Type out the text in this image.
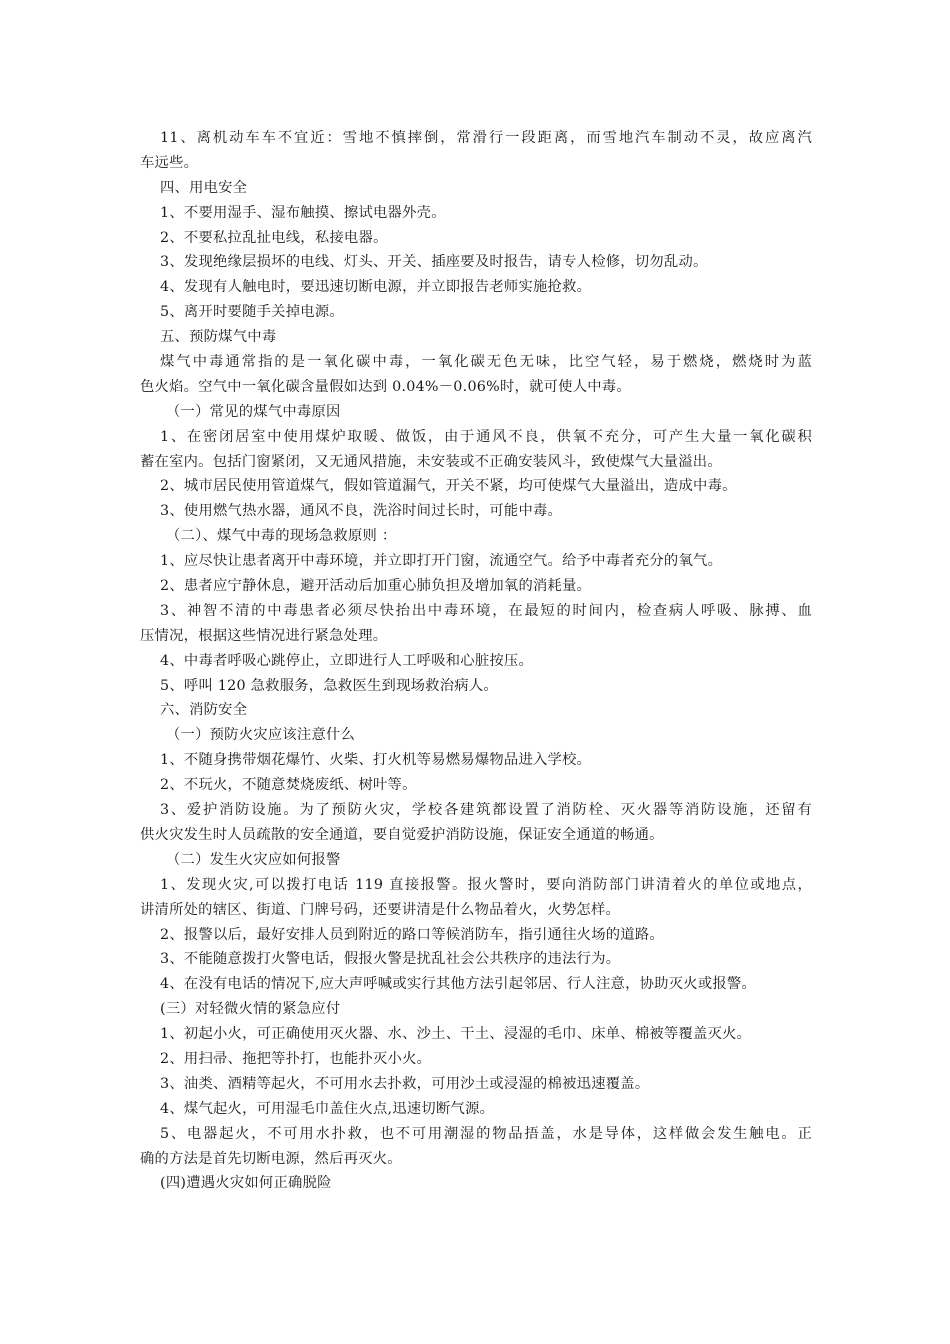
11、离机动车车不宜近：雪地不慎摔倒，常滑行一段距离，而雪地汽车制动不灵，故应离汽
车远些。
四、用电安全
1、不要用湿手、湿布触摸、擦试电器外壳。
2、不要私拉乱扯电线，私接电器。
3、发现绝缘层损坏的电线、灯头、开关、插座要及时报告，请专人检修，切勿乱动。
4、发现有人触电时，要迅速切断电源，并立即报告老师实施抢救。
5、离开时要随手关掉电源。
五、预防煤气中毒
煤气中毒通常指的是一氧化碳中毒，一氧化碳无色无味，比空气轻，易于燃烧，燃烧时为蓝
色火焰。空气中一氧化碳含量假如达到 0.04%－0.06%时，就可使人中毒。
（一）常见的煤气中毒原因
1、在密闭居室中使用煤炉取暖、做饭，由于通风不良，供氧不充分，可产生大量一氧化碳积
蓄在室内。包括门窗紧闭，又无通风措施，未安装或不正确安装风斗，致使煤气大量溢出。
2、城市居民使用管道煤气，假如管道漏气，开关不紧，均可使煤气大量溢出，造成中毒。
3、使用燃气热水器，通风不良，洗浴时间过长时，可能中毒。
（二）、煤气中毒的现场急救原则 ：
1、应尽快让患者离开中毒环境，并立即打开门窗，流通空气。给予中毒者充分的氧气。
2、患者应宁静休息，避开活动后加重心肺负担及增加氧的消耗量。
3、神智不清的中毒患者必须尽快抬出中毒环境，在最短的时间内，检查病人呼吸、脉搏、血
压情况，根据这些情况进行紧急处理。
4、中毒者呼吸心跳停止，立即进行人工呼吸和心脏按压。
5、呼叫 120 急救服务，急救医生到现场救治病人。
六、消防安全
（一）预防火灾应该注意什么
1、不随身携带烟花爆竹、火柴、打火机等易燃易爆物品进入学校。
2、不玩火，不随意焚烧废纸、树叶等。
3、爱护消防设施。为了预防火灾，学校各建筑都设置了消防栓、灭火器等消防设施，还留有
供火灾发生时人员疏散的安全通道，要自觉爱护消防设施，保证安全通道的畅通。
（二）发生火灾应如何报警
1、发现火灾,可以拨打电话 119 直接报警。报火警时，要向消防部门讲清着火的单位或地点，
讲清所处的辖区、街道、门牌号码，还要讲清是什么物品着火，火势怎样。
2、报警以后，最好安排人员到附近的路口等候消防车，指引通往火场的道路。
3、不能随意拨打火警电话，假报火警是扰乱社会公共秩序的违法行为。
4、在没有电话的情况下,应大声呼喊或实行其他方法引起邻居、行人注意，协助灭火或报警。
(三）对轻微火情的紧急应付
1、初起小火，可正确使用灭火器、水、沙土、干土、浸湿的毛巾、床单、棉被等覆盖灭火。
2、用扫帚、拖把等扑打，也能扑灭小火。
3、油类、酒精等起火，不可用水去扑救，可用沙土或浸湿的棉被迅速覆盖。
4、煤气起火，可用湿毛巾盖住火点,迅速切断气源。
5、电器起火，不可用水扑救，也不可用潮湿的物品捂盖，水是导体，这样做会发生触电。正
确的方法是首先切断电源，然后再灭火。
(四)遭遇火灾如何正确脱险
